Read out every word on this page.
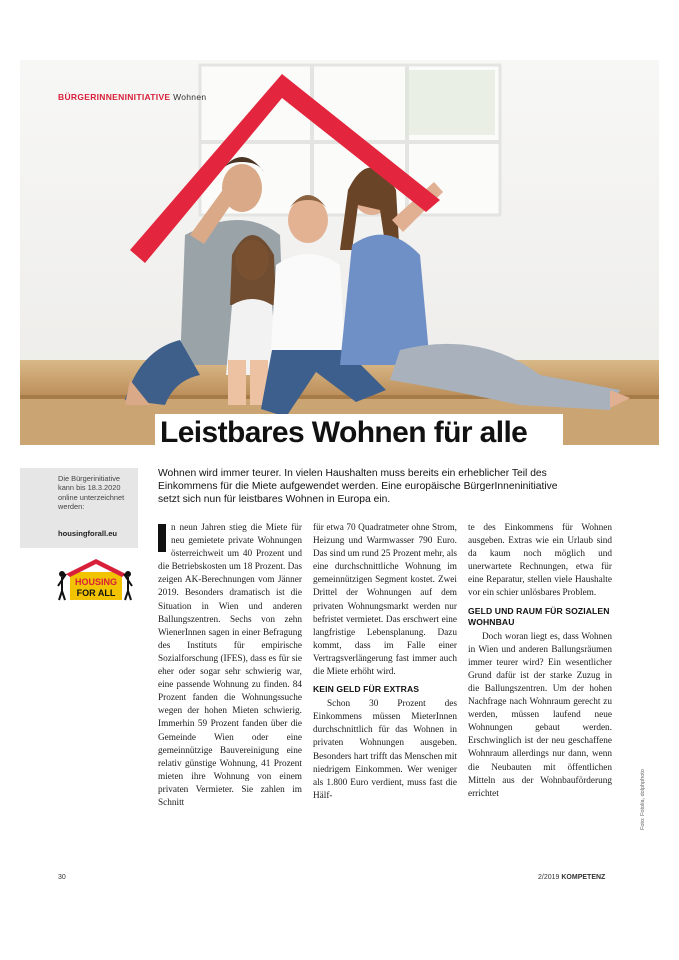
BÜRGERINNENINITIATIVE Wohnen
Leistbares Wohnen für alle
Die Bürgerinitiative kann bis 18.3.2020 online unterzeichnet werden:
housingforall.eu
HOUSING
FOR ALL
Wohnen wird immer teurer. In vielen Haushalten muss bereits ein erheblicher Teil des Einkommens für die Miete aufgewendet werden. Eine europäische BürgerInneninitiative setzt sich nun für leistbares Wohnen in Europa ein.

n neun Jahren stieg die Miete für neu gemietete private Wohnungen österreichweit um 40 Prozent und die Betriebskosten um 18 Prozent. Das zeigen AK-Berechnungen vom Jänner 2019. Besonders dramatisch ist die Situation in Wien und anderen Ballungszentren. Sechs von zehn WienerInnen sagen in einer Befragung des Instituts für empirische Sozialforschung (IFES), dass es für sie eher oder sogar sehr schwierig war, eine passende Wohnung zu finden. 84 Prozent fanden die Wohnungssuche wegen der hohen Mieten schwierig. Immerhin 59 Prozent fanden über die Gemeinde Wien oder eine gemeinnützige Bauvereinigung eine relativ günstige Wohnung, 41 Prozent mieten ihre Wohnung von einem privaten Vermieter. Sie zahlen im Schnitt

für etwa 70 Quadratmeter ohne Strom, Heizung und Warmwasser 790 Euro. Das sind um rund 25 Prozent mehr, als eine durchschnittliche Wohnung im gemeinnützigen Segment kostet. Zwei Drittel der Wohnungen auf dem privaten Wohnungsmarkt werden nur befristet vermietet. Das erschwert eine langfristige Lebensplanung. Dazu kommt, dass im Falle einer Vertragsverlängerung fast immer auch die Miete erhöht wird.

KEIN GELD FÜR EXTRAS

Schon 30 Prozent des Einkommens müssen MieterInnen durchschnittlich für das Wohnen in privaten Wohnungen ausgeben. Besonders hart trifft das Menschen mit niedrigem Einkommen. Wer weniger als 1.800 Euro verdient, muss fast die Hälf-

te des Einkommens für Wohnen ausgeben. Extras wie ein Urlaub sind da kaum noch möglich und unerwartete Rechnungen, etwa für eine Reparatur, stellen viele Haushalte vor ein schier unlösbares Problem.

GELD UND RAUM FÜR SOZIALEN WOHNBAU

Doch woran liegt es, dass Wohnen in Wien und anderen Ballungsräumen immer teurer wird? Ein wesentlicher Grund dafür ist der starke Zuzug in die Ballungszentren. Um der hohen Nachfrage nach Wohnraum gerecht zu werden, müssen laufend neue Wohnungen gebaut werden. Erschwinglich ist der neu geschaffene Wohnraum allerdings nur dann, wenn die Neubauten mit öffentlichen Mitteln aus der Wohnbauförderung errichtet	Foto: Fotolia, dolphphoto
30	2/2019 KOMPETENZ
